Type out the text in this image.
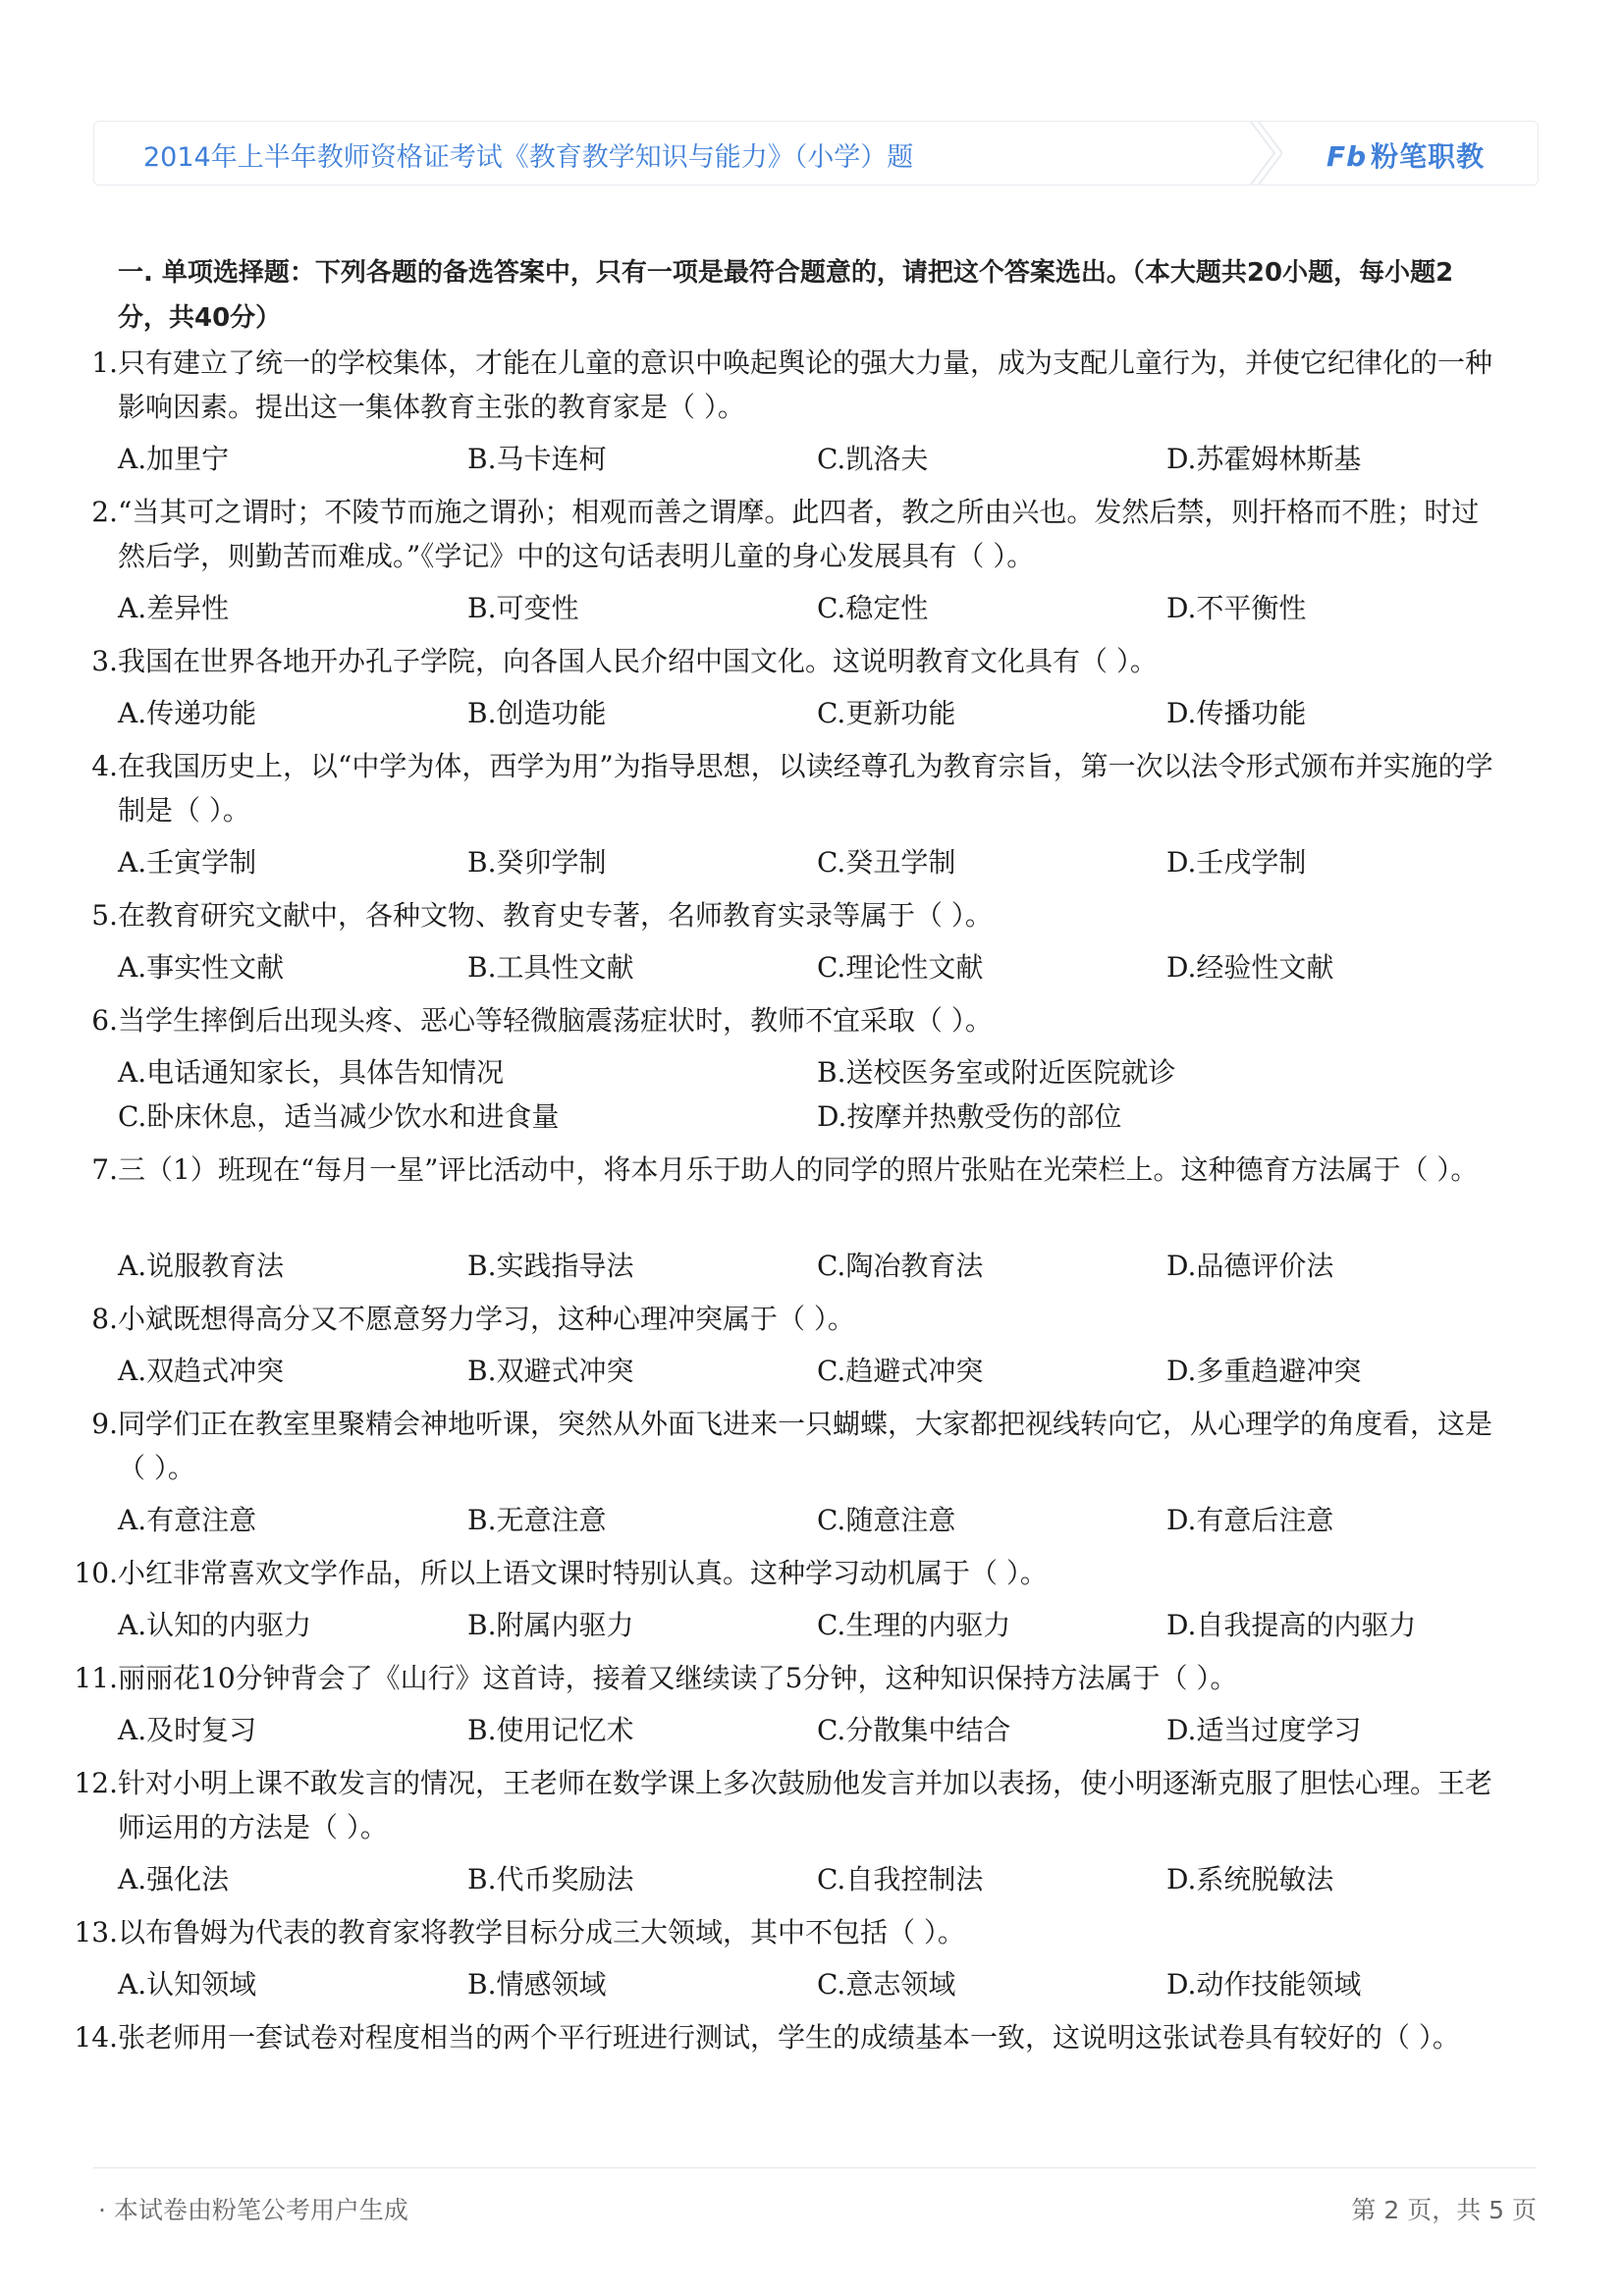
2014年上半年教师资格证考试《教育教学知识与能力》（小学）题	Fb 粉笔职教
一. 单项选择题：下列各题的备选答案中，只有一项是最符合题意的，请把这个答案选出。（本大题共20小题，每小题2分，共40分）
1. 只有建立了统一的学校集体，才能在儿童的意识中唤起舆论的强大力量，成为支配儿童行为，并使它纪律化的一种影响因素。提出这一集体教育主张的教育家是（ ）。
A.加里宁	B.马卡连柯	C.凯洛夫	D.苏霍姆林斯基
2. “当其可之谓时；不陵节而施之谓孙；相观而善之谓摩。此四者，教之所由兴也。发然后禁，则扞格而不胜；时过然后学，则勤苦而难成。”《学记》中的这句话表明儿童的身心发展具有（ ）。
A.差异性	B.可变性	C.稳定性	D.不平衡性
3. 我国在世界各地开办孔子学院，向各国人民介绍中国文化。这说明教育文化具有（ ）。
A.传递功能	B.创造功能	C.更新功能	D.传播功能
4. 在我国历史上，以“中学为体，西学为用”为指导思想，以读经尊孔为教育宗旨，第一次以法令形式颁布并实施的学制是（ ）。
A.壬寅学制	B.癸卯学制	C.癸丑学制	D.壬戌学制
5. 在教育研究文献中，各种文物、教育史专著，名师教育实录等属于（ ）。
A.事实性文献	B.工具性文献	C.理论性文献	D.经验性文献
6. 当学生摔倒后出现头疼、恶心等轻微脑震荡症状时，教师不宜采取（ ）。
A.电话通知家长，具体告知情况	B.送校医务室或附近医院就诊
C.卧床休息，适当减少饮水和进食量	D.按摩并热敷受伤的部位
7. 三（1）班现在“每月一星”评比活动中，将本月乐于助人的同学的照片张贴在光荣栏上。这种德育方法属于（ ）。
A.说服教育法	B.实践指导法	C.陶冶教育法	D.品德评价法
8. 小斌既想得高分又不愿意努力学习，这种心理冲突属于（ ）。
A.双趋式冲突	B.双避式冲突	C.趋避式冲突	D.多重趋避冲突
9. 同学们正在教室里聚精会神地听课，突然从外面飞进来一只蝴蝶，大家都把视线转向它，从心理学的角度看，这是（ ）。
A.有意注意	B.无意注意	C.随意注意	D.有意后注意
10. 小红非常喜欢文学作品，所以上语文课时特别认真。这种学习动机属于（ ）。
A.认知的内驱力	B.附属内驱力	C.生理的内驱力	D.自我提高的内驱力
11. 丽丽花10分钟背会了《山行》这首诗，接着又继续读了5分钟，这种知识保持方法属于（ ）。
A.及时复习	B.使用记忆术	C.分散集中结合	D.适当过度学习
12. 针对小明上课不敢发言的情况，王老师在数学课上多次鼓励他发言并加以表扬，使小明逐渐克服了胆怯心理。王老师运用的方法是（ ）。
A.强化法	B.代币奖励法	C.自我控制法	D.系统脱敏法
13. 以布鲁姆为代表的教育家将教学目标分成三大领域，其中不包括（ ）。
A.认知领域	B.情感领域	C.意志领域	D.动作技能领域
14. 张老师用一套试卷对程度相当的两个平行班进行测试，学生的成绩基本一致，这说明这张试卷具有较好的（ ）。
· 本试卷由粉笔公考用户生成	第 2 页，共 5 页
